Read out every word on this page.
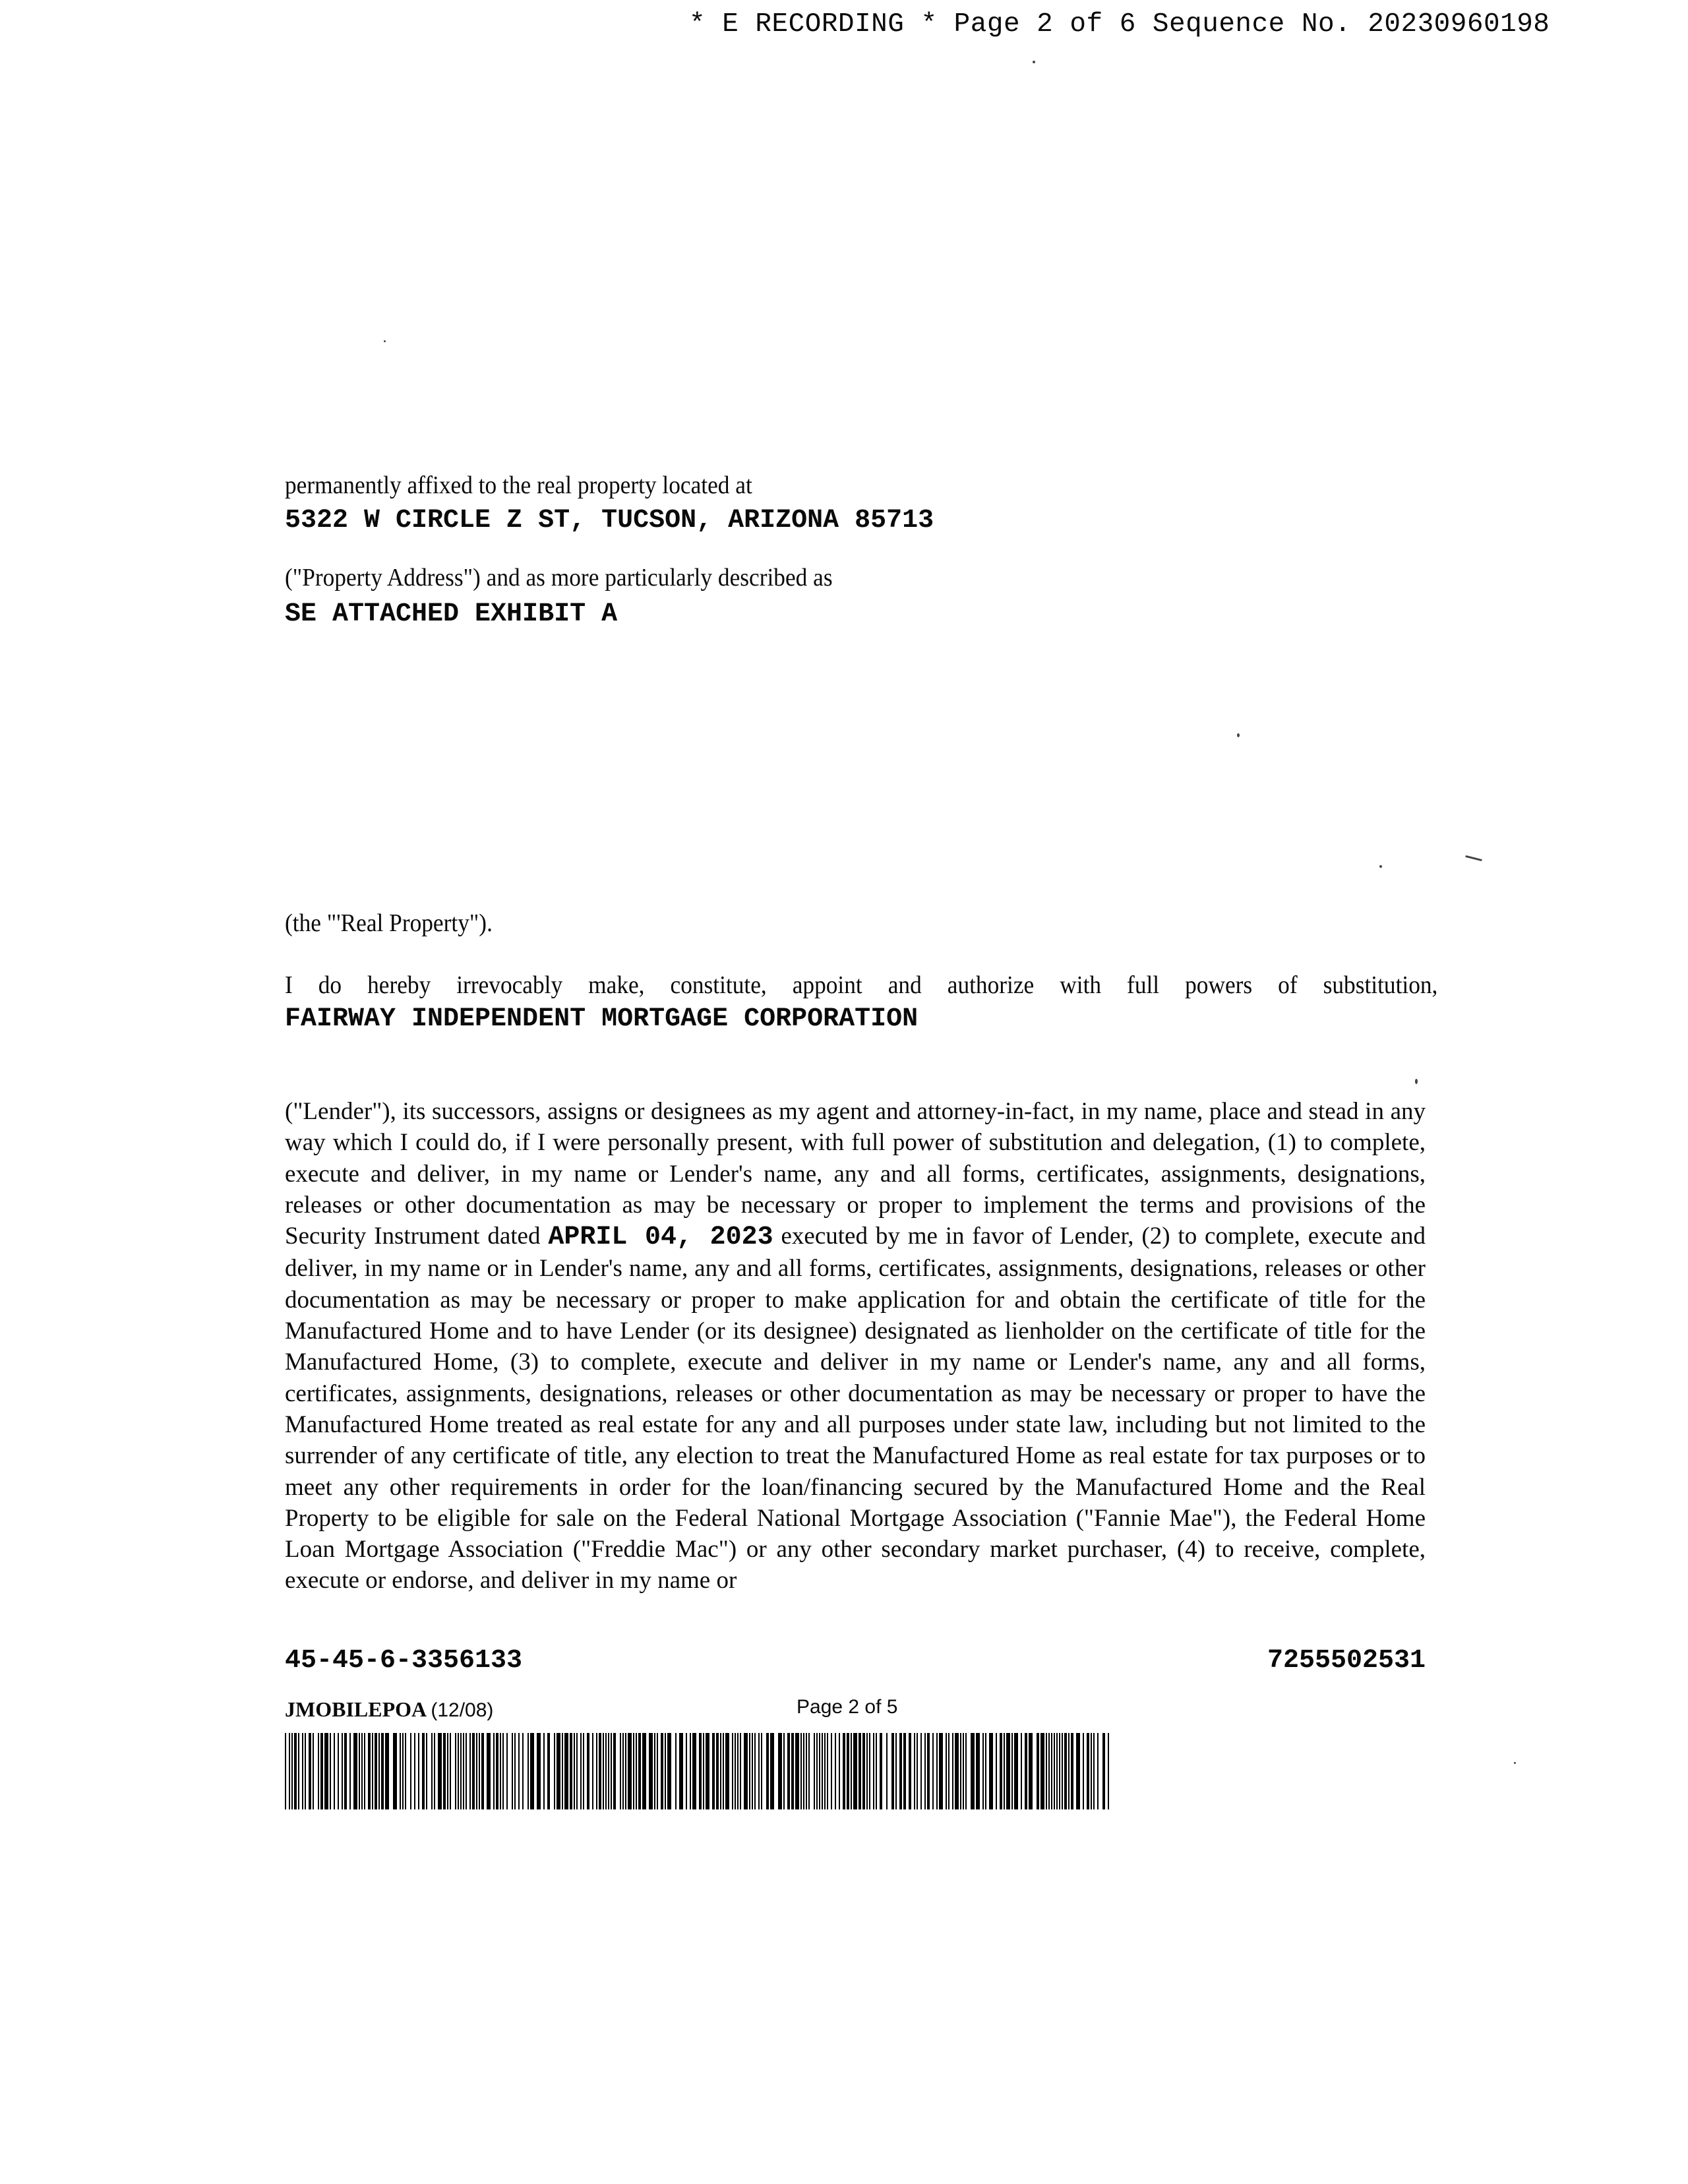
* E RECORDING * Page 2 of 6 Sequence No. 20230960198
permanently affixed to the real property located at
5322 W CIRCLE Z ST, TUCSON, ARIZONA 85713
("Property Address") and as more particularly described as
SE ATTACHED EXHIBIT A
(the "'Real Property").
I do hereby irrevocably make, constitute, appoint and authorize with full powers of substitution,
FAIRWAY INDEPENDENT MORTGAGE CORPORATION
("Lender"), its successors, assigns or designees as my agent and attorney-in-fact, in my name, place and stead in any way which I could do, if I were personally present, with full power of substitution and delegation, (1) to complete, execute and deliver, in my name or Lender's name, any and all forms, certificates, assignments, designations, releases or other documentation as may be necessary or proper to implement the terms and provisions of the Security Instrument dated APRIL 04, 2023 executed by me in favor of Lender, (2) to complete, execute and deliver, in my name or in Lender's name, any and all forms, certificates, assignments, designations, releases or other documentation as may be necessary or proper to make application for and obtain the certificate of title for the Manufactured Home and to have Lender (or its designee) designated as lienholder on the certificate of title for the Manufactured Home, (3) to complete, execute and deliver in my name or Lender's name, any and all forms, certificates, assignments, designations, releases or other documentation as may be necessary or proper to have the Manufactured Home treated as real estate for any and all purposes under state law, including but not limited to the surrender of any certificate of title, any election to treat the Manufactured Home as real estate for tax purposes or to meet any other requirements in order for the loan/financing secured by the Manufactured Home and the Real Property to be eligible for sale on the Federal National Mortgage Association ("Fannie Mae"), the Federal Home Loan Mortgage Association ("Freddie Mac") or any other secondary market purchaser, (4) to receive, complete, execute or endorse, and deliver in my name or
45-45-6-3356133	7255502531
JMOBILEPOA (12/08)	Page 2 of 5
